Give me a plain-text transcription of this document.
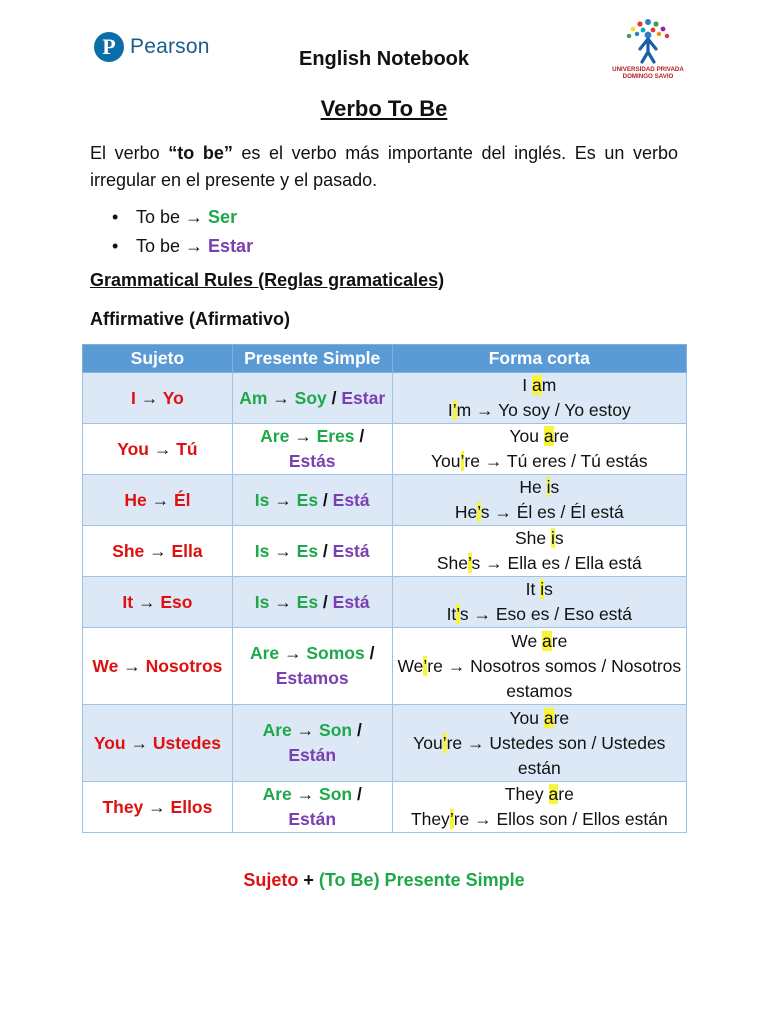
P Pearson
UNIVERSIDAD PRIVADA
DOMINGO SAVIO
English Notebook
Verbo To Be
El verbo “to be” es el verbo más importante del inglés. Es un verbo irregular en el presente y el pasado.
• To be → Ser
• To be → Estar
Grammatical Rules (Reglas gramaticales)
Affirmative (Afirmativo)
Sujeto	Presente Simple	Forma corta
I → Yo	Am → Soy / Estar	I am
I’m → Yo soy / Yo estoy

You → Tú	Are → Eres / Estás	You are
You’re → Tú eres / Tú estás

He → Él	Is → Es / Está	He is
He’s → Él es / Él está

She → Ella	Is → Es / Está	She is
She’s → Ella es / Ella está

It → Eso	Is → Es / Está	It is
It’s → Eso es / Eso está

We → Nosotros	Are → Somos / Estamos	We are
We’re → Nosotros somos / Nosotros estamos

You → Ustedes	Are → Son / Están	You are
You’re → Ustedes son / Ustedes están

They → Ellos	Are → Son / Están	They are
They’re → Ellos son / Ellos están
Sujeto + (To Be) Presente Simple
